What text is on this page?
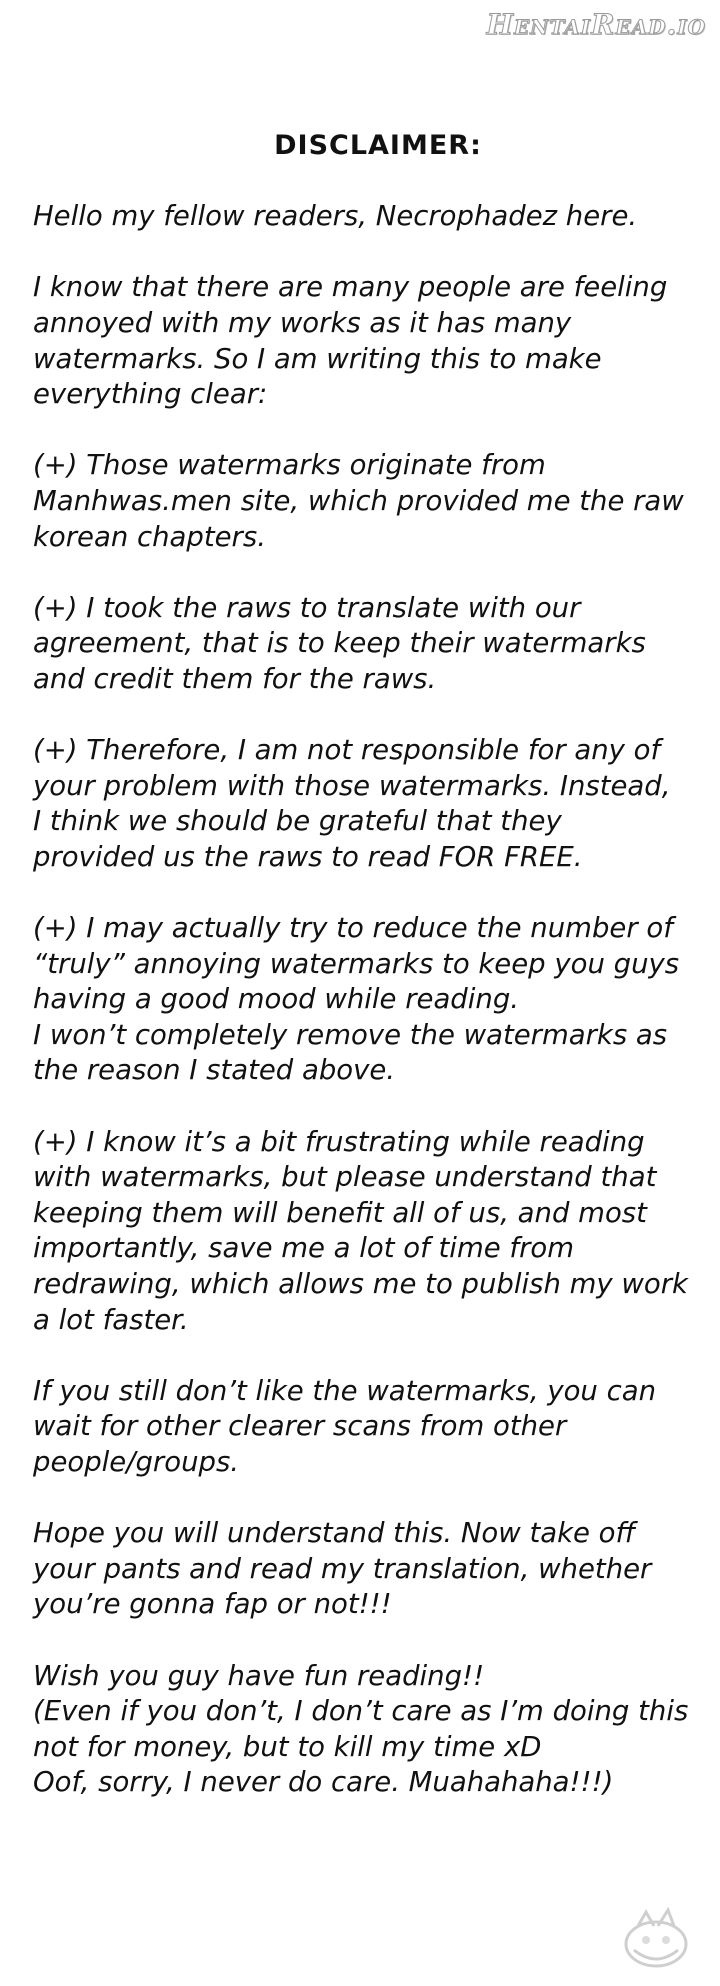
HentaiRead.io
DISCLAIMER:
Hello my fellow readers, Necrophadez here.
I know that there are many people are feeling
annoyed with my works as it has many
watermarks. So I am writing this to make
everything clear:
(+) Those watermarks originate from
Manhwas.men site, which provided me the raw
korean chapters.
(+) I took the raws to translate with our
agreement, that is to keep their watermarks
and credit them for the raws.
(+) Therefore, I am not responsible for any of
your problem with those watermarks. Instead,
I think we should be grateful that they
provided us the raws to read FOR FREE.
(+) I may actually try to reduce the number of
“truly” annoying watermarks to keep you guys
having a good mood while reading.
I won’t completely remove the watermarks as
the reason I stated above.
(+) I know it’s a bit frustrating while reading
with watermarks, but please understand that
keeping them will benefit all of us, and most
importantly, save me a lot of time from
redrawing, which allows me to publish my work
a lot faster.
If you still don’t like the watermarks, you can
wait for other clearer scans from other
people/groups.
Hope you will understand this. Now take off
your pants and read my translation, whether
you’re gonna fap or not!!!
Wish you guy have fun reading!!
(Even if you don’t, I don’t care as I’m doing this
not for money, but to kill my time xD
Oof, sorry, I never do care. Muahahaha!!!)
